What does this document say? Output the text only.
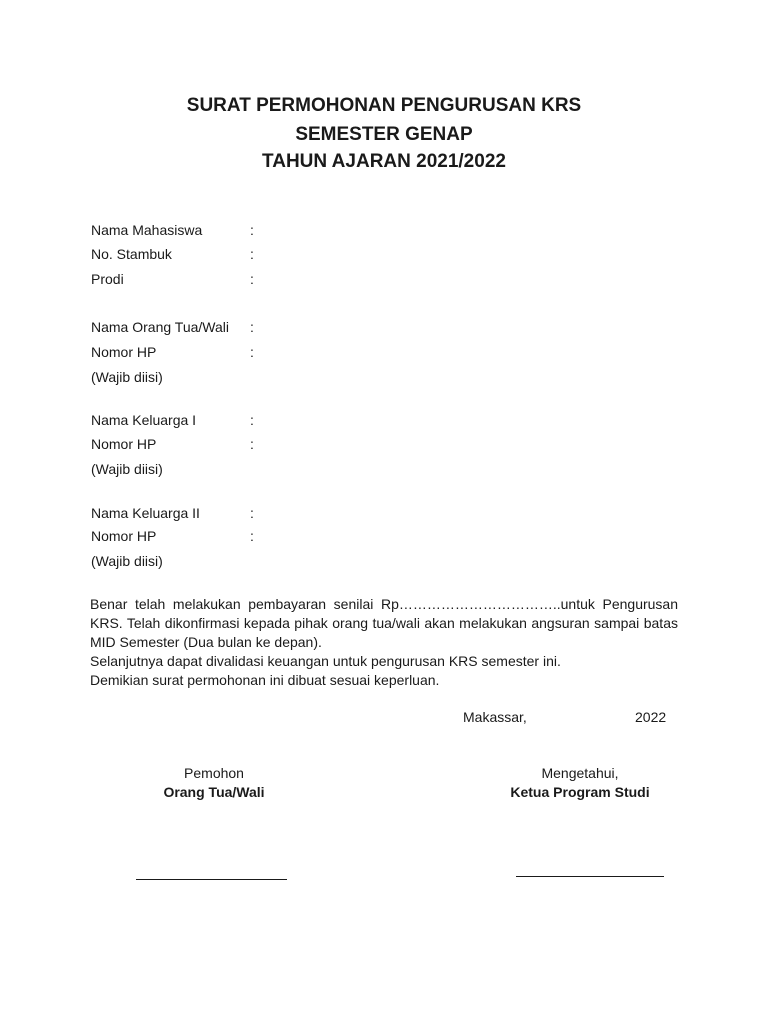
SURAT PERMOHONAN PENGURUSAN KRS
SEMESTER GENAP
TAHUN AJARAN 2021/2022
Nama Mahasiswa	:
No. Stambuk	:
Prodi	:
Nama Orang Tua/Wali :
Nomor HP	:
(Wajib diisi)
Nama Keluarga I	:
Nomor HP	:
(Wajib diisi)
Nama Keluarga II	:
Nomor HP	:
(Wajib diisi)
Benar telah melakukan pembayaran senilai Rp……………………………..untuk Pengurusan
KRS. Telah dikonfirmasi kepada pihak orang tua/wali akan melakukan angsuran sampai batas
MID Semester (Dua bulan ke depan).
Selanjutnya dapat divalidasi keuangan untuk pengurusan KRS semester ini.
Demikian surat permohonan ini dibuat sesuai keperluan.
Makassar,	2022
Pemohon
Orang Tua/Wali
Mengetahui,
Ketua Program Studi
